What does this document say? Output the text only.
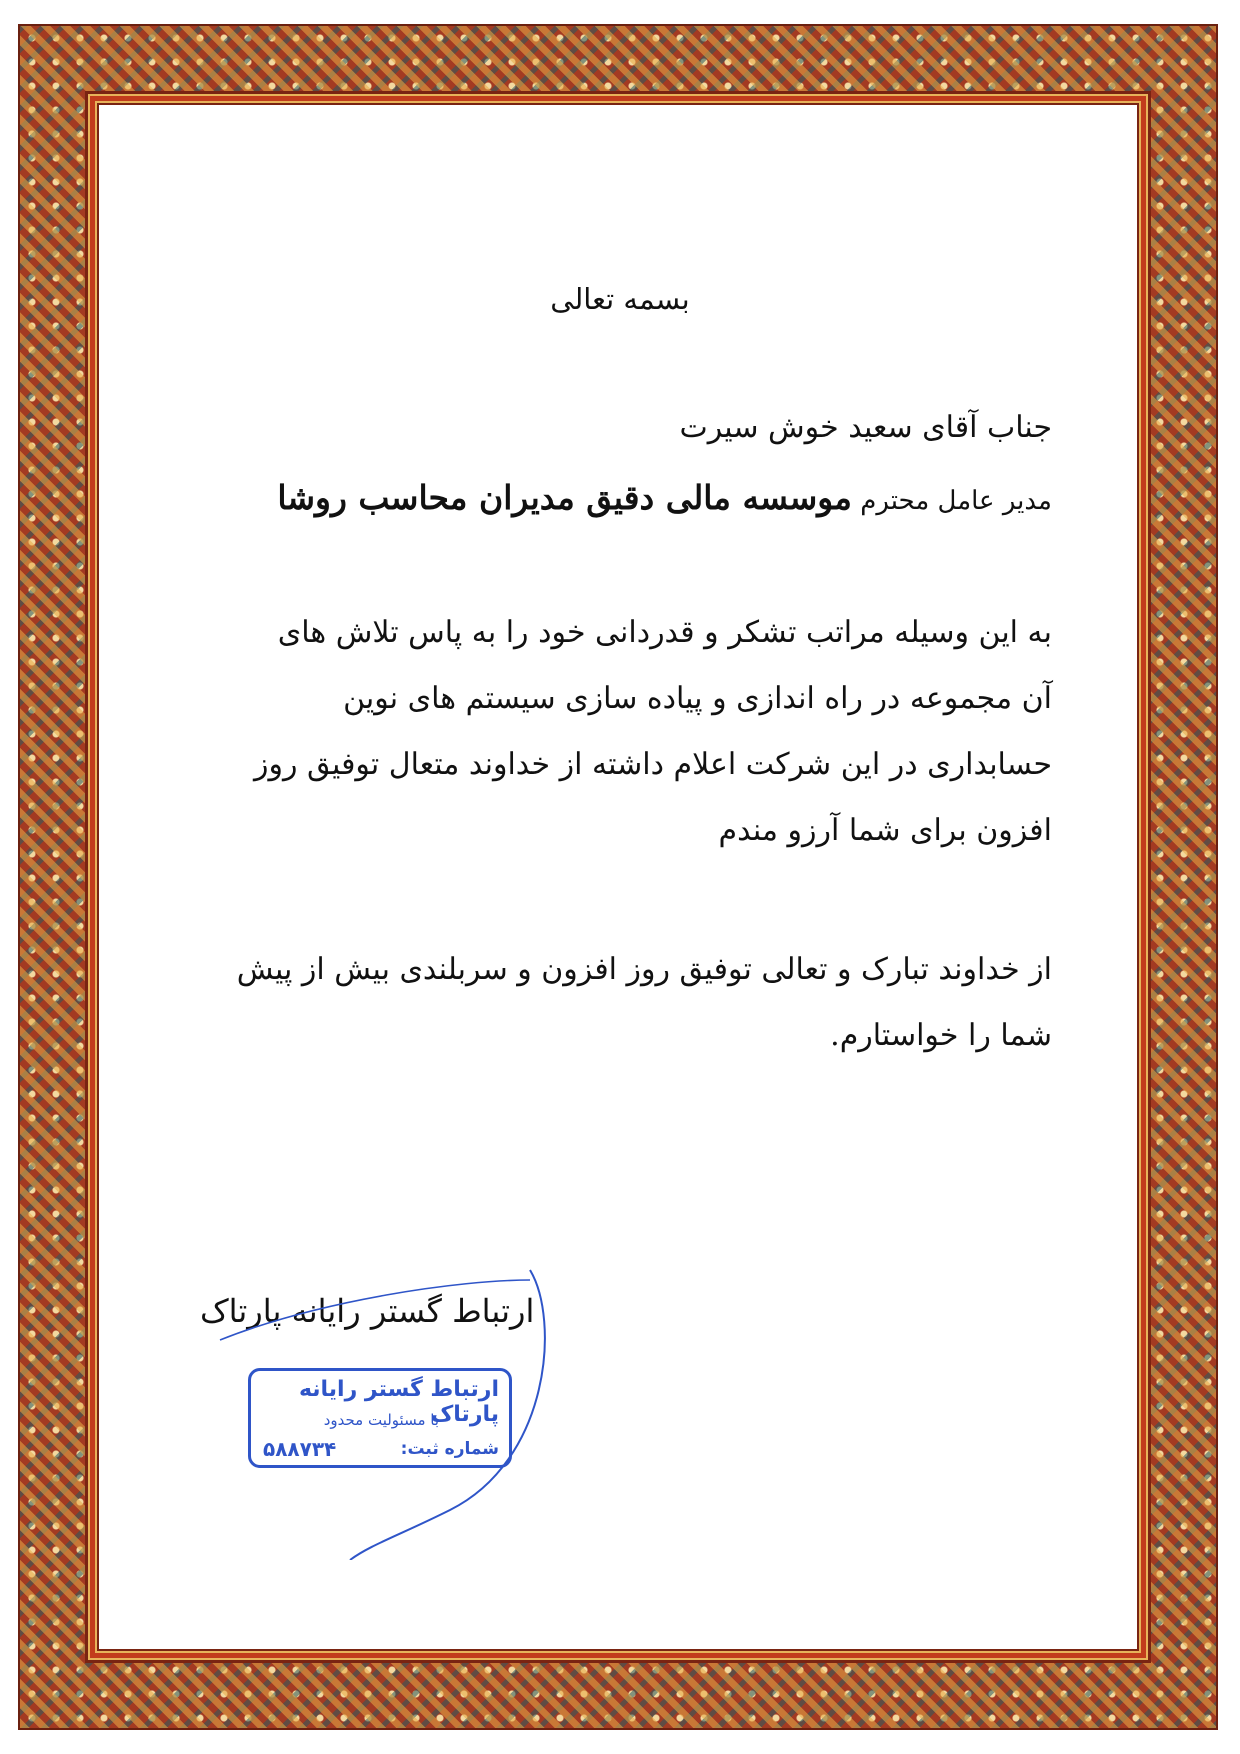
بسمه تعالی
جناب آقای سعید خوش سیرت
مدیر عامل محترم موسسه مالی دقیق مدیران محاسب روشا
به این وسیله مراتب تشکر و قدردانی خود را به پاس تلاش های
آن مجموعه در راه اندازی و پیاده سازی سیستم های نوین
حسابداری در این شرکت اعلام داشته از خداوند متعال توفیق روز
افزون برای شما آرزو مندم
از خداوند تبارک و تعالی توفیق روز افزون و سربلندی بیش از پیش
شما را خواستارم.
ارتباط گستر رایانه پارتاک
ارتباط گستر رایانه پارتاک
با مسئولیت محدود
شماره ثبت:
۵۸۸۷۳۴
